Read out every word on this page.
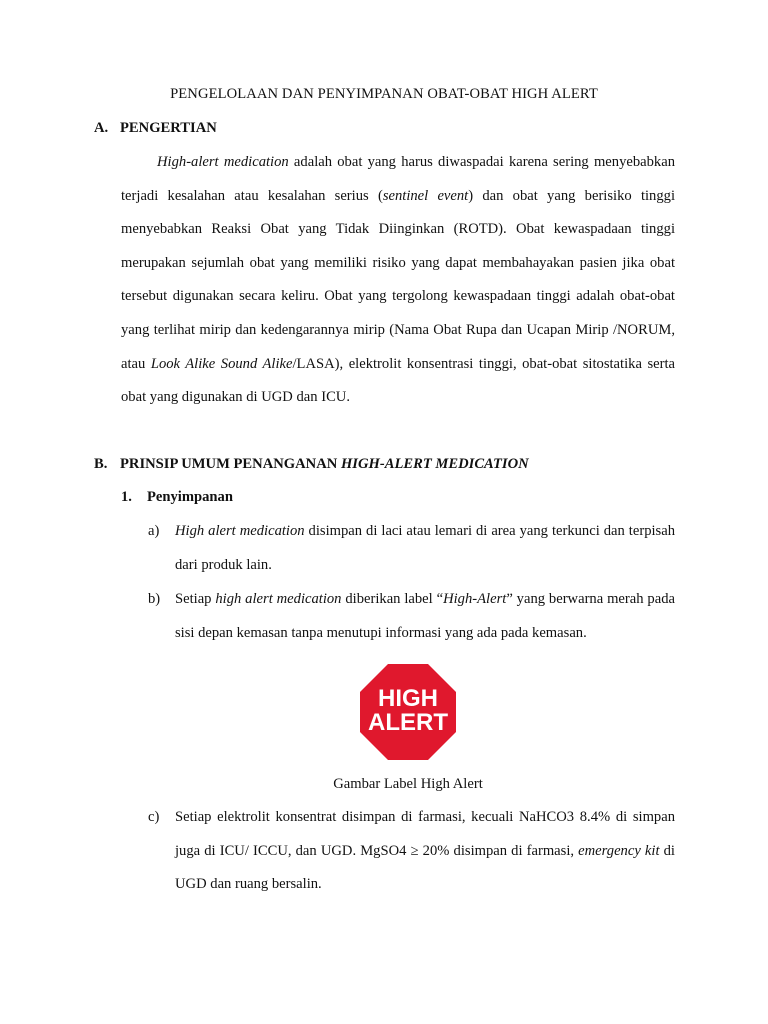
PENGELOLAAN DAN PENYIMPANAN OBAT-OBAT HIGH ALERT
A. PENGERTIAN

High-alert medication adalah obat yang harus diwaspadai karena sering menyebabkan terjadi kesalahan atau kesalahan serius (sentinel event) dan obat yang berisiko tinggi menyebabkan Reaksi Obat yang Tidak Diinginkan (ROTD). Obat kewaspadaan tinggi merupakan sejumlah obat yang memiliki risiko yang dapat membahayakan pasien jika obat tersebut digunakan secara keliru. Obat yang tergolong kewaspadaan tinggi adalah obat-obat yang terlihat mirip dan kedengarannya mirip (Nama Obat Rupa dan Ucapan Mirip /NORUM, atau Look Alike Sound Alike/LASA), elektrolit konsentrasi tinggi, obat-obat sitostatika serta obat yang digunakan di UGD dan ICU.

B. PRINSIP UMUM PENANGANAN HIGH-ALERT MEDICATION
1. Penyimpanan
a)	High alert medication disimpan di laci atau lemari di area yang terkunci dan terpisah dari produk lain.
b)	Setiap high alert medication diberikan label “High-Alert” yang berwarna merah pada sisi depan kemasan tanpa menutupi informasi yang ada pada kemasan.
HIGH
ALERT

Gambar Label High Alert

c)	Setiap elektrolit konsentrat disimpan di farmasi, kecuali NaHCO3 8.4% di simpan juga di ICU/ ICCU, dan UGD. MgSO4 ≥ 20% disimpan di farmasi, emergency kit di UGD dan ruang bersalin.
